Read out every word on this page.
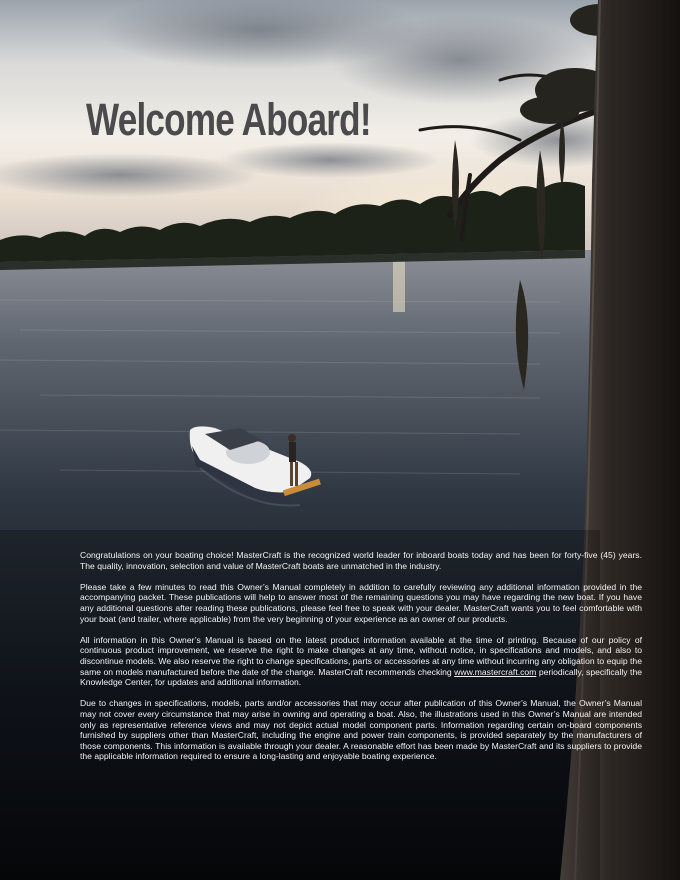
Welcome Aboard!

Congratulations on your boating choice! MasterCraft is the recognized world leader for inboard boats today and has been for forty-five (45) years. The quality, innovation, selection and value of MasterCraft boats are unmatched in the industry.

Please take a few minutes to read this Owner’s Manual completely in addition to carefully reviewing any additional information provided in the accompanying packet. These publications will help to answer most of the remaining questions you may have regarding the new boat. If you have any additional questions after reading these publications, please feel free to speak with your dealer. MasterCraft wants you to feel comfortable with your boat (and trailer, where applicable) from the very beginning of your experience as an owner of our products.

All information in this Owner’s Manual is based on the latest product information available at the time of printing. Because of our policy of continuous product improvement, we reserve the right to make changes at any time, without notice, in specifications and models, and also to discontinue models. We also reserve the right to change specifications, parts or accessories at any time without incurring any obligation to equip the same on models manufactured before the date of the change. MasterCraft recommends checking www.mastercraft.com periodically, specifically the Knowledge Center, for updates and additional information.

Due to changes in specifications, models, parts and/or accessories that may occur after publication of this Owner’s Manual, the Owner’s Manual may not cover every circumstance that may arise in owning and operating a boat. Also, the illustrations used in this Owner’s Manual are intended only as representative reference views and may not depict actual model component parts. Information regarding certain on-board components furnished by suppliers other than MasterCraft, including the engine and power train components, is provided separately by the manufacturers of those components. This information is available through your dealer. A reasonable effort has been made by MasterCraft and its suppliers to provide the applicable information required to ensure a long-lasting and enjoyable boating experience.
